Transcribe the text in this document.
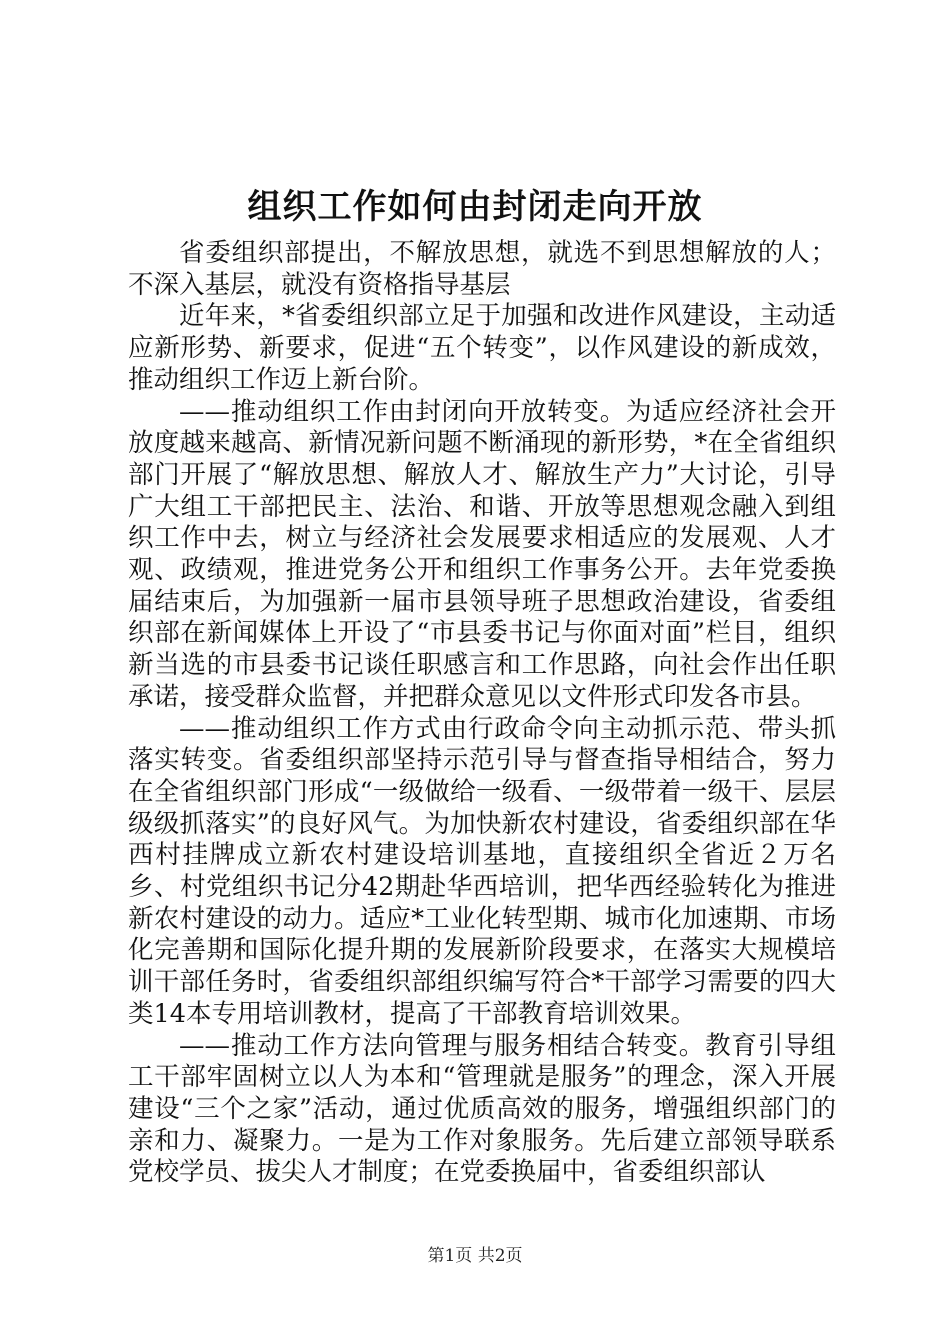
组织工作如何由封闭走向开放

省委组织部提出，不解放思想，就选不到思想解放的人；不深入基层，就没有资格指导基层

近年来，*省委组织部立足于加强和改进作风建设，主动适应新形势、新要求，促进“五个转变”，以作风建设的新成效，推动组织工作迈上新台阶。

——推动组织工作由封闭向开放转变。为适应经济社会开放度越来越高、新情况新问题不断涌现的新形势，*在全省组织部门开展了“解放思想、解放人才、解放生产力”大讨论，引导广大组工干部把民主、法治、和谐、开放等思想观念融入到组织工作中去，树立与经济社会发展要求相适应的发展观、人才观、政绩观，推进党务公开和组织工作事务公开。去年党委换届结束后，为加强新一届市县领导班子思想政治建设，省委组织部在新闻媒体上开设了“市县委书记与你面对面”栏目，组织新当选的市县委书记谈任职感言和工作思路，向社会作出任职承诺，接受群众监督，并把群众意见以文件形式印发各市县。

——推动组织工作方式由行政命令向主动抓示范、带头抓落实转变。省委组织部坚持示范引导与督查指导相结合，努力在全省组织部门形成“一级做给一级看、一级带着一级干、层层级级抓落实”的良好风气。为加快新农村建设，省委组织部在华西村挂牌成立新农村建设培训基地，直接组织全省近２万名乡、村党组织书记分42期赴华西培训，把华西经验转化为推进新农村建设的动力。适应*工业化转型期、城市化加速期、市场化完善期和国际化提升期的发展新阶段要求，在落实大规模培训干部任务时，省委组织部组织编写符合*干部学习需要的四大类14本专用培训教材，提高了干部教育培训效果。

——推动工作方法向管理与服务相结合转变。教育引导组工干部牢固树立以人为本和“管理就是服务”的理念，深入开展建设“三个之家”活动，通过优质高效的服务，增强组织部门的亲和力、凝聚力。一是为工作对象服务。先后建立部领导联系党校学员、拔尖人才制度；在党委换届中，省委组织部认

第1页 共2页
